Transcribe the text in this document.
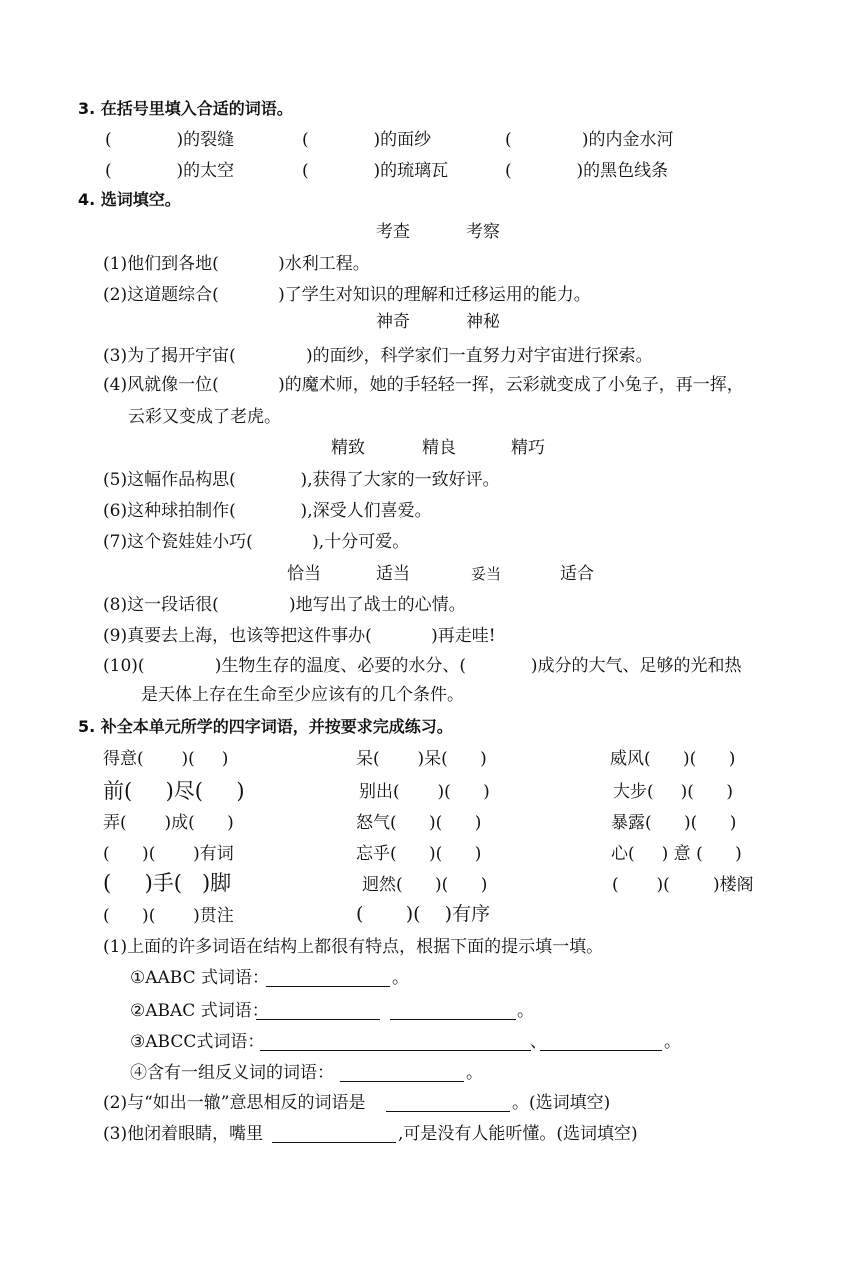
3. 在括号里填入合适的词语。
(            )的裂缝	(            )的面纱	(             )的内金水河
(            )的太空	(            )的琉璃瓦	(            )的黑色线条
4. 选词填空。
考查	考察
(1)他们到各地(           )水利工程。
(2)这道题综合(           )了学生对知识的理解和迁移运用的能力。
神奇	神秘
(3)为了揭开宇宙(             )的面纱，科学家们一直努力对宇宙进行探索。
(4)风就像一位(           )的魔术师，她的手轻轻一挥，云彩就变成了小兔子，再一挥，
云彩又变成了老虎。
精致	精良	精巧
(5)这幅作品构思(            ),获得了大家的一致好评。
(6)这种球拍制作(            ),深受人们喜爱。
(7)这个瓷娃娃小巧(           ),十分可爱。
恰当	适当	妥当	适合
(8)这一段话很(             )地写出了战士的心情。
(9)真要去上海，也该等把这件事办(           )再走哇!
(10)(             )生物生存的温度、必要的水分、(            )成分的大气、足够的光和热
是天体上存在生命至少应该有的几个条件。
5. 补全本单元所学的四字词语，并按要求完成练习。
得意(       )(     )	呆(       )呆(      )	威风(      )(      )
前(     )尽(     )	别出(       )(      )	大步(     )(      )
弄(       )成(      )	怒气(      )(      )	暴露(      )(      )
(      )(       )有词	忘乎(      )(      )	心(     ) 意 (      )
(     )手(   )脚	迥然(      )(      )	(       )(        )楼阁
(      )(       )贯注	(       )(    )有序
(1)上面的许多词语在结构上都很有特点，根据下面的提示填一填。
①AABC 式词语：	。
②ABAC 式词语：	。
③ABCC式词语：	、	。
④含有一组反义词的词语：	。
(2)与“如出一辙”意思相反的词语是	。(选词填空)
(3)他闭着眼睛，嘴里	,可是没有人能听懂。(选词填空)
